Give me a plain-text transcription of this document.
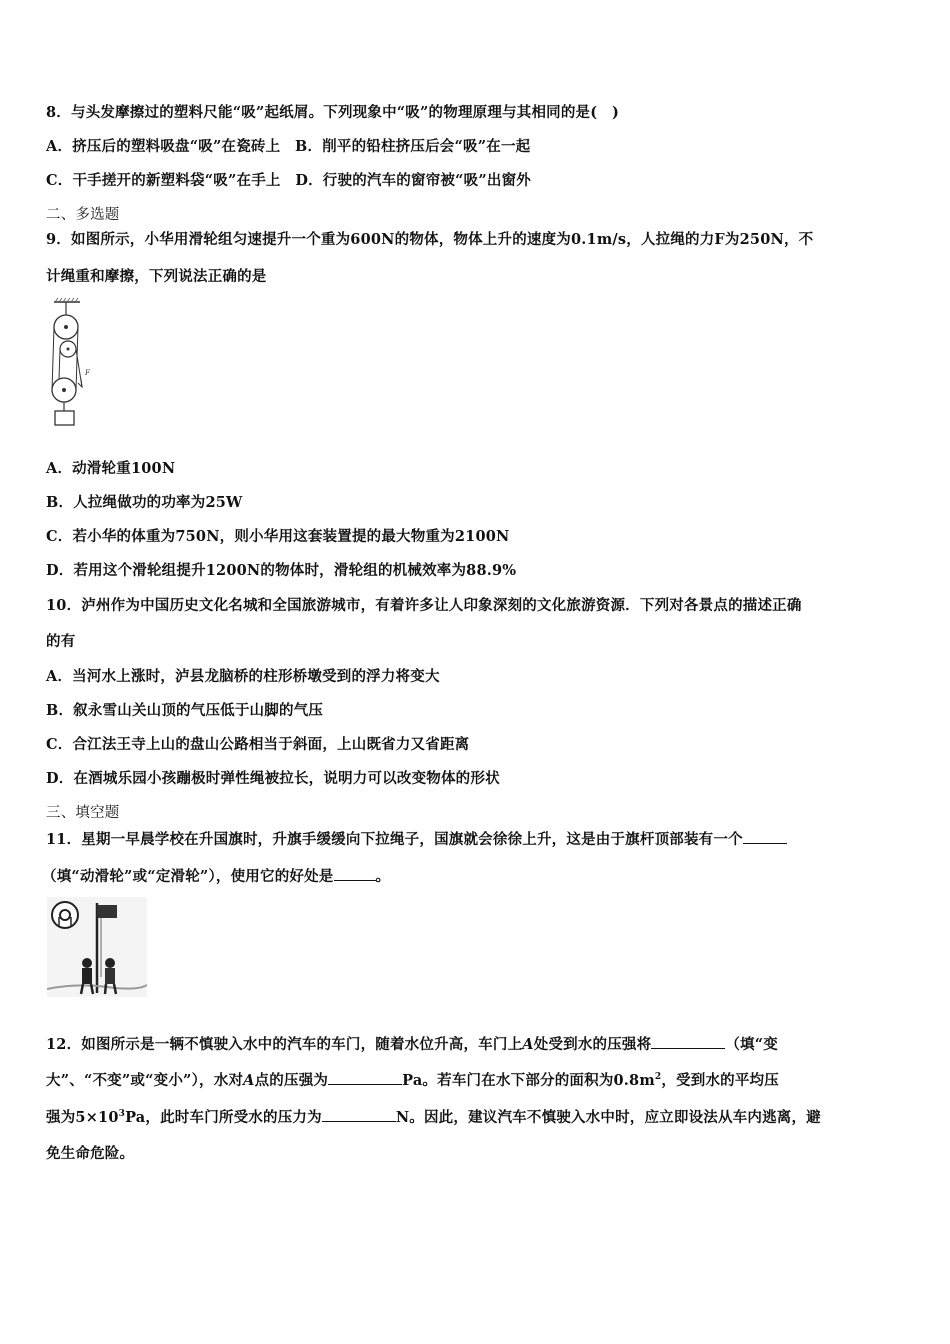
8．与头发摩擦过的塑料尺能“吸”起纸屑。下列现象中“吸”的物理原理与其相同的是(　)
A．挤压后的塑料吸盘“吸”在瓷砖上　B．削平的铅柱挤压后会“吸”在一起
C．干手搓开的新塑料袋“吸”在手上　D．行驶的汽车的窗帘被“吸”出窗外
二、多选题
9．如图所示，小华用滑轮组匀速提升一个重为600N的物体，物体上升的速度为0.1m/s，人拉绳的力F为250N，不
计绳重和摩擦，下列说法正确的是
F
A．动滑轮重100N
B．人拉绳做功的功率为25W
C．若小华的体重为750N，则小华用这套装置提的最大物重为2100N
D．若用这个滑轮组提升1200N的物体时，滑轮组的机械效率为88.9%
10．泸州作为中国历史文化名城和全国旅游城市，有着许多让人印象深刻的文化旅游资源．下列对各景点的描述正确
的有
A．当河水上涨时，泸县龙脑桥的柱形桥墩受到的浮力将变大
B．叙永雪山关山顶的气压低于山脚的气压
C．合江法王寺上山的盘山公路相当于斜面，上山既省力又省距离
D．在酒城乐园小孩蹦极时弹性绳被拉长，说明力可以改变物体的形状
三、填空题
11．星期一早晨学校在升国旗时，升旗手缓缓向下拉绳子，国旗就会徐徐上升，这是由于旗杆顶部装有一个
（填“动滑轮”或“定滑轮”），使用它的好处是	。
12．如图所示是一辆不慎驶入水中的汽车的车门，随着水位升高，车门上A处受到水的压强将	（填“变
大”、“不变”或“变小”），水对A点的压强为	Pa。若车门在水下部分的面积为$0.8m^2$，受到水的平均压
强为$5\times 10^3Pa$，此时车门所受水的压力为	N。因此，建议汽车不慎驶入水中时，应立即设法从车内逃离，避
免生命危险。
